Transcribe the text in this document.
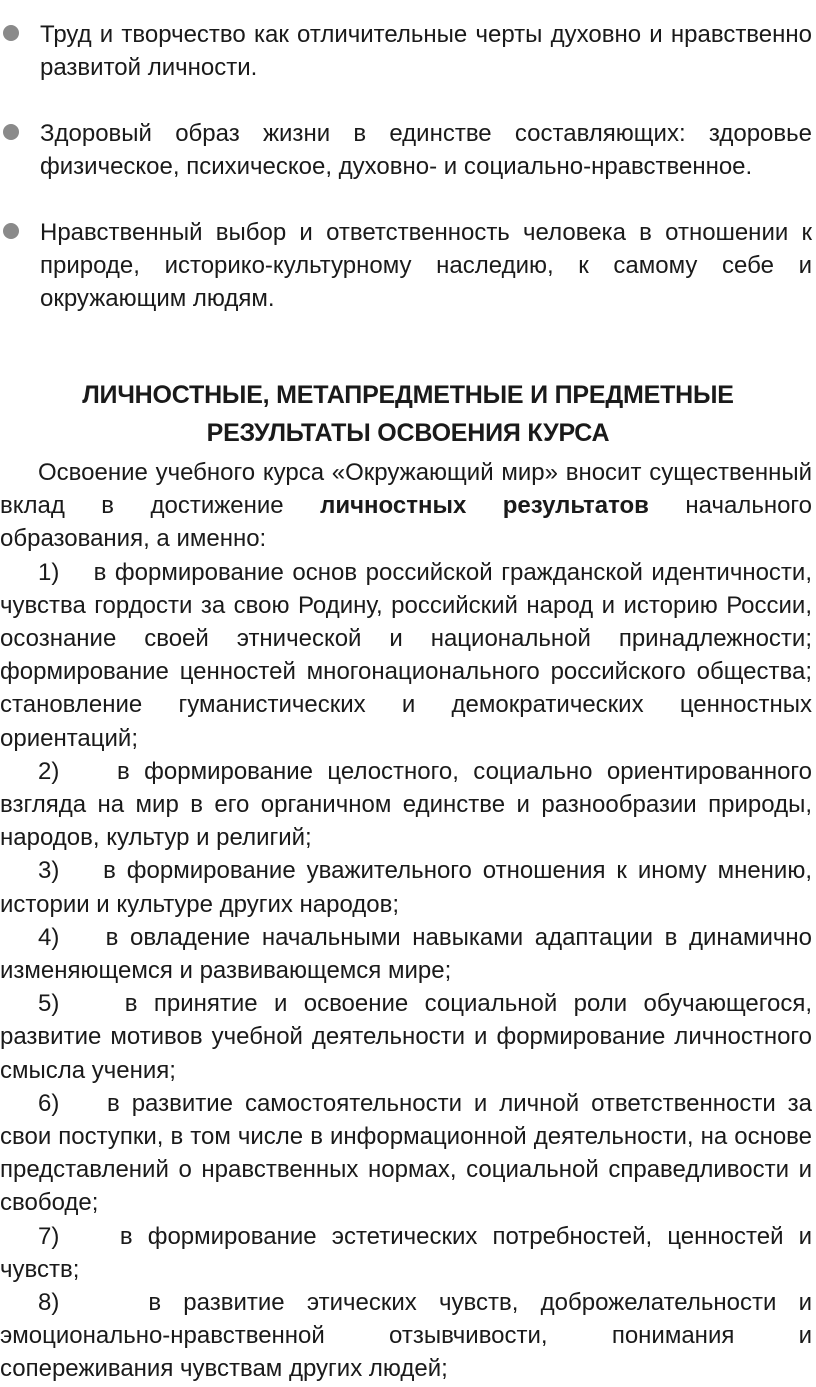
Труд и творчество как отличительные черты духовно и нравственно развитой личности.
Здоровый образ жизни в единстве составляющих: здоровье физическое, психическое, духовно- и социально-нравственное.
Нравственный выбор и ответственность человека в отношении к природе, историко-культурному наследию, к самому себе и окружающим людям.
ЛИЧНОСТНЫЕ, МЕТАПРЕДМЕТНЫЕ И ПРЕДМЕТНЫЕ
РЕЗУЛЬТАТЫ ОСВОЕНИЯ КУРСА

Освоение учебного курса «Окружающий мир» вносит существенный вклад в достижение личностных результатов начального образования, а именно:

1) в формирование основ российской гражданской идентичности, чувства гордости за свою Родину, российский народ и историю России, осознание своей этнической и национальной принадлежности; формирование ценностей многонационального российского общества; становление гуманистических и демократических ценностных ориентаций;

2) в формирование целостного, социально ориентированного взгляда на мир в его органичном единстве и разнообразии природы, народов, культур и религий;

3) в формирование уважительного отношения к иному мнению, истории и культуре других народов;

4) в овладение начальными навыками адаптации в динамично изменяющемся и развивающемся мире;

5)	в принятие и освоение социальной роли обучающегося, развитие мотивов учебной деятельности и формирование личностного смысла учения;

6) в развитие самостоятельности и личной ответственности за свои поступки, в том числе в информационной деятельности, на основе представлений о нравственных нормах, социальной справедливости и свободе;

7)	в формирование эстетических потребностей, ценностей и чувств;

8)	в развитие этических чувств, доброжелательности и эмоционально-нравственной отзывчивости, понимания и сопереживания чувствам других людей;
